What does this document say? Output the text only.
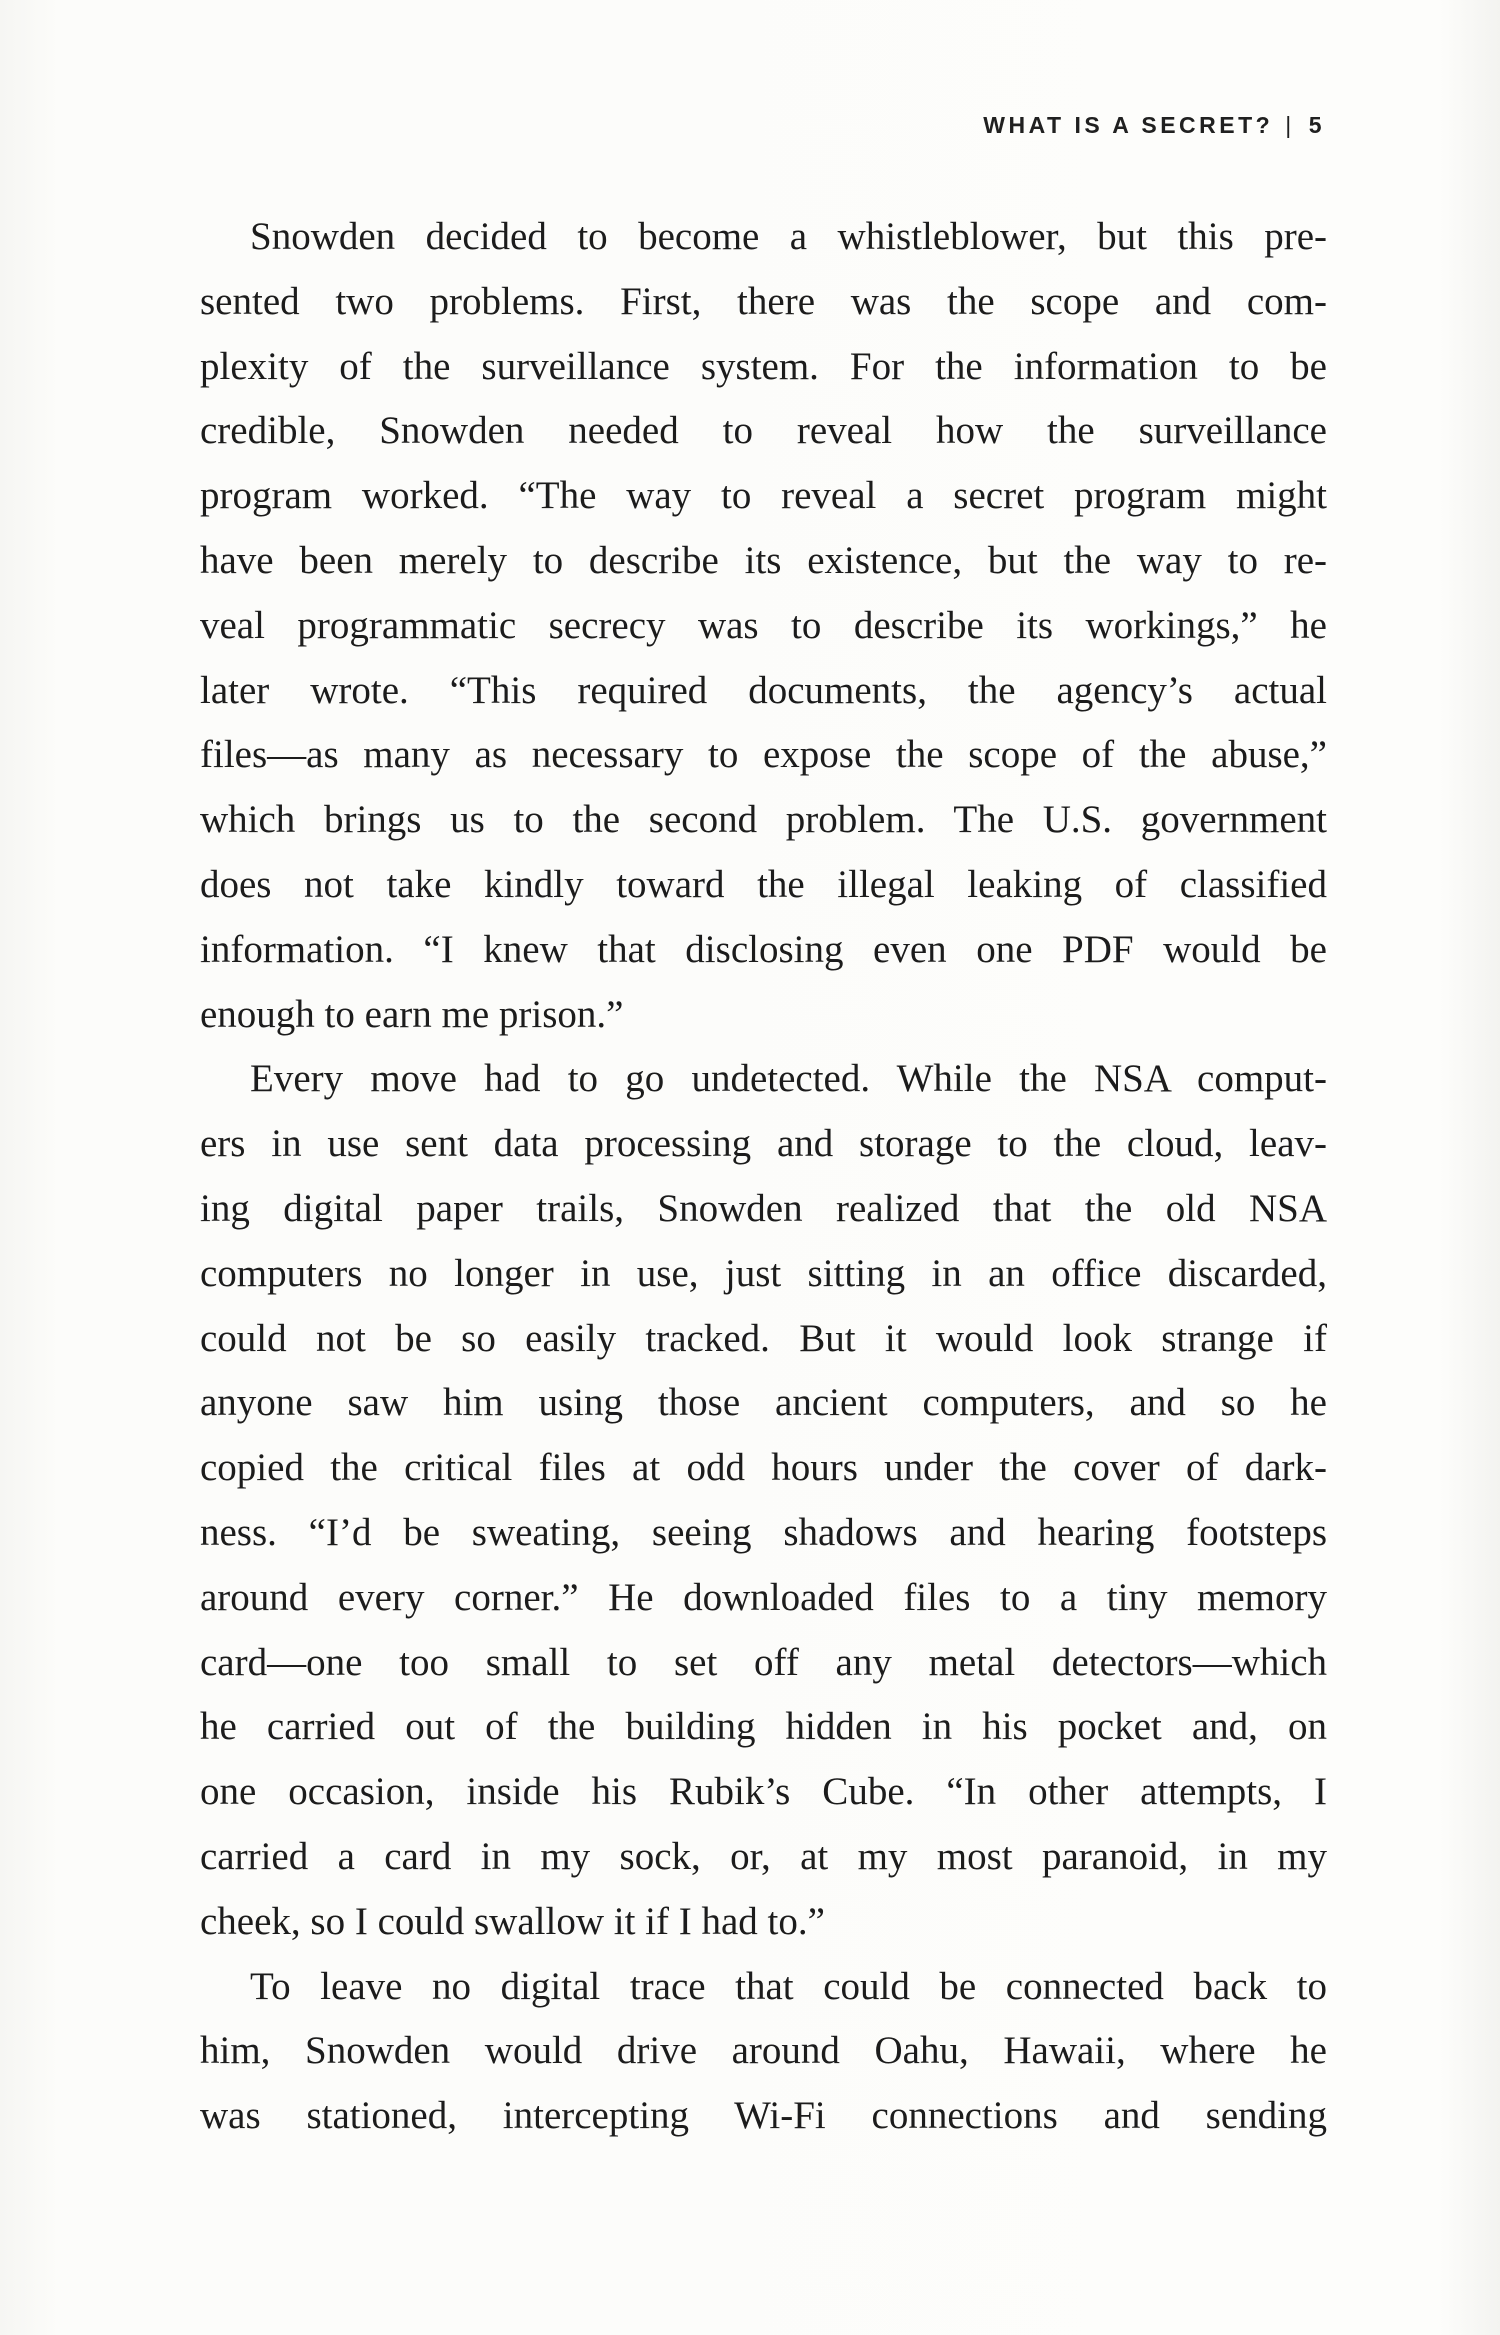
WHAT IS A SECRET? | 5
Snowden decided to become a whistleblower, but this pre-
sented two problems. First, there was the scope and com-
plexity of the surveillance system. For the information to be
credible, Snowden needed to reveal how the surveillance
program worked. “The way to reveal a secret program might
have been merely to describe its existence, but the way to re-
veal programmatic secrecy was to describe its workings,” he
later wrote. “This required documents, the agency’s actual
files—as many as necessary to expose the scope of the abuse,”
which brings us to the second problem. The U.S. government
does not take kindly toward the illegal leaking of classified
information. “I knew that disclosing even one PDF would be
enough to earn me prison.”
Every move had to go undetected. While the NSA comput-
ers in use sent data processing and storage to the cloud, leav-
ing digital paper trails, Snowden realized that the old NSA
computers no longer in use, just sitting in an office discarded,
could not be so easily tracked. But it would look strange if
anyone saw him using those ancient computers, and so he
copied the critical files at odd hours under the cover of dark-
ness. “I’d be sweating, seeing shadows and hearing footsteps
around every corner.” He downloaded files to a tiny memory
card—one too small to set off any metal detectors—which
he carried out of the building hidden in his pocket and, on
one occasion, inside his Rubik’s Cube. “In other attempts, I
carried a card in my sock, or, at my most paranoid, in my
cheek, so I could swallow it if I had to.”
To leave no digital trace that could be connected back to
him, Snowden would drive around Oahu, Hawaii, where he
was stationed, intercepting Wi-Fi connections and sending
